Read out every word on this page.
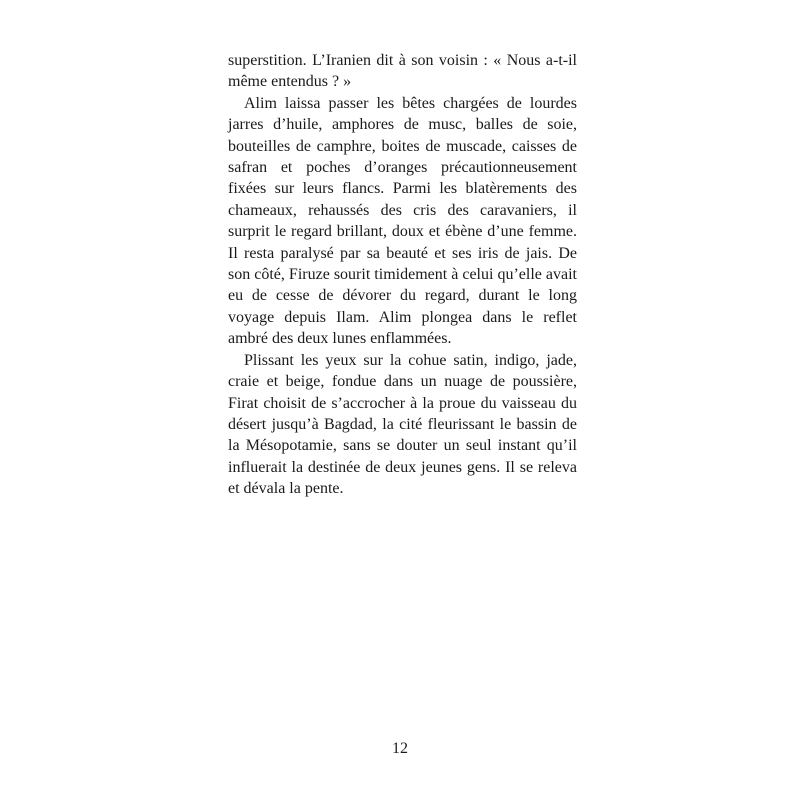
superstition. L’Iranien dit à son voisin : « Nous a-t-il même entendus ? »

Alim laissa passer les bêtes chargées de lourdes jarres d’huile, amphores de musc, balles de soie, bouteilles de camphre, boites de muscade, caisses de safran et poches d’oranges précautionneusement fixées sur leurs flancs. Parmi les blatèrements des chameaux, rehaussés des cris des caravaniers, il surprit le regard brillant, doux et ébène d’une femme. Il resta paralysé par sa beauté et ses iris de jais. De son côté, Firuze sourit timidement à celui qu’elle avait eu de cesse de dévorer du regard, durant le long voyage depuis Ilam. Alim plongea dans le reflet ambré des deux lunes enflammées.

Plissant les yeux sur la cohue satin, indigo, jade, craie et beige, fondue dans un nuage de poussière, Firat choisit de s’accrocher à la proue du vaisseau du désert jusqu’à Bagdad, la cité fleurissant le bassin de la Mésopotamie, sans se douter un seul instant qu’il influerait la destinée de deux jeunes gens. Il se releva et dévala la pente.

12
